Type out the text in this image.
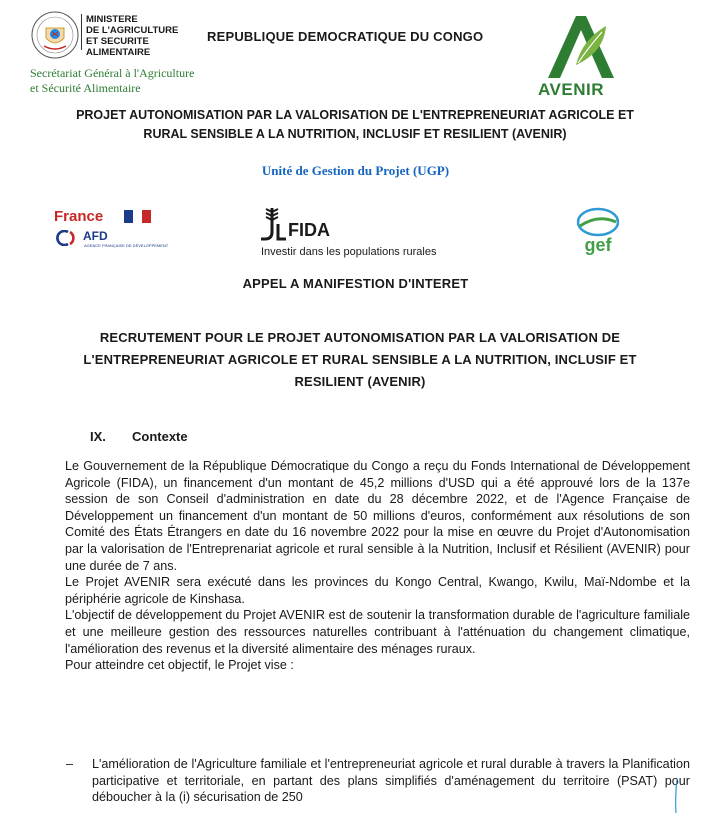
MINISTERE
DE L'AGRICULTURE
ET SECURITE ALIMENTAIRE
Secrétariat Général à l'Agriculture
et Sécurité Alimentaire
REPUBLIQUE DEMOCRATIQUE DU CONGO
AVENIR
PROJET AUTONOMISATION PAR LA VALORISATION DE L'ENTREPRENEURIAT AGRICOLE ET
RURAL SENSIBLE A LA NUTRITION, INCLUSIF ET RESILIENT (AVENIR)
Unité de Gestion du Projet (UGP)
France
AFD
AGENCE FRANÇAISE DE DÉVELOPPEMENT
FIDA
Investir dans les populations rurales	gef
APPEL A MANIFESTION D'INTERET
RECRUTEMENT POUR LE PROJET AUTONOMISATION PAR LA VALORISATION DE
L'ENTREPRENEURIAT AGRICOLE ET RURAL SENSIBLE A LA NUTRITION, INCLUSIF ET
RESILIENT (AVENIR)
IX. Contexte

Le Gouvernement de la République Démocratique du Congo a reçu du Fonds International de Développement Agricole (FIDA), un financement d'un montant de 45,2 millions d'USD qui a été approuvé lors de la 137e session de son Conseil d'administration en date du 28 décembre 2022, et de l'Agence Française de Développement un financement d'un montant de 50 millions d'euros, conformément aux résolutions de son Comité des États Étrangers en date du 16 novembre 2022 pour la mise en œuvre du Projet d'Autonomisation par la valorisation de l'Entreprenariat agricole et rural sensible à la Nutrition, Inclusif et Résilient (AVENIR) pour une durée de 7 ans.

Le Projet AVENIR sera exécuté dans les provinces du Kongo Central, Kwango, Kwilu, Maï-Ndombe et la périphérie agricole de Kinshasa.

L'objectif de développement du Projet AVENIR est de soutenir la transformation durable de l'agriculture familiale et une meilleure gestion des ressources naturelles contribuant à l'atténuation du changement climatique, l'amélioration des revenus et la diversité alimentaire des ménages ruraux.

Pour atteindre cet objectif, le Projet vise :

– L'amélioration de l'Agriculture familiale et l'entrepreneuriat agricole et rural durable à travers la Planification participative et territoriale, en partant des plans simplifiés d'aménagement du territoire (PSAT) pour déboucher à la (i) sécurisation de 250
